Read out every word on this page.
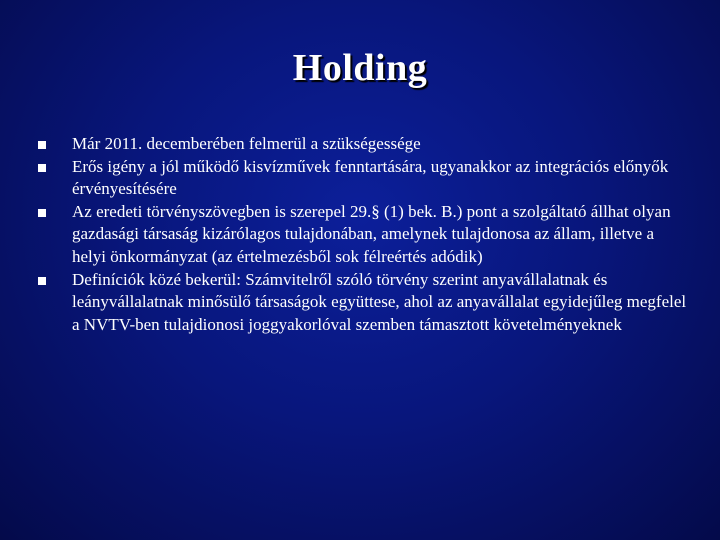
Holding
Már 2011. decemberében felmerül a szükségessége
Erős igény a jól működő kisvízművek fenntartására, ugyanakkor az integrációs előnyők érvényesítésére
Az eredeti törvényszövegben is szerepel 29.§ (1) bek. B.) pont a szolgáltató állhat olyan gazdasági társaság kizárólagos tulajdonában, amelynek tulajdonosa az állam, illetve a helyi önkormányzat (az értelmezésből sok félreértés adódik)
Definíciók közé bekerül: Számvitelről szóló törvény szerint anyavállalatnak és leányvállalatnak minősülő társaságok együttese, ahol az anyavállalat egyidejűleg megfelel a NVTV-ben tulajdionosi joggyakorlóval szemben támasztott követelményeknek
